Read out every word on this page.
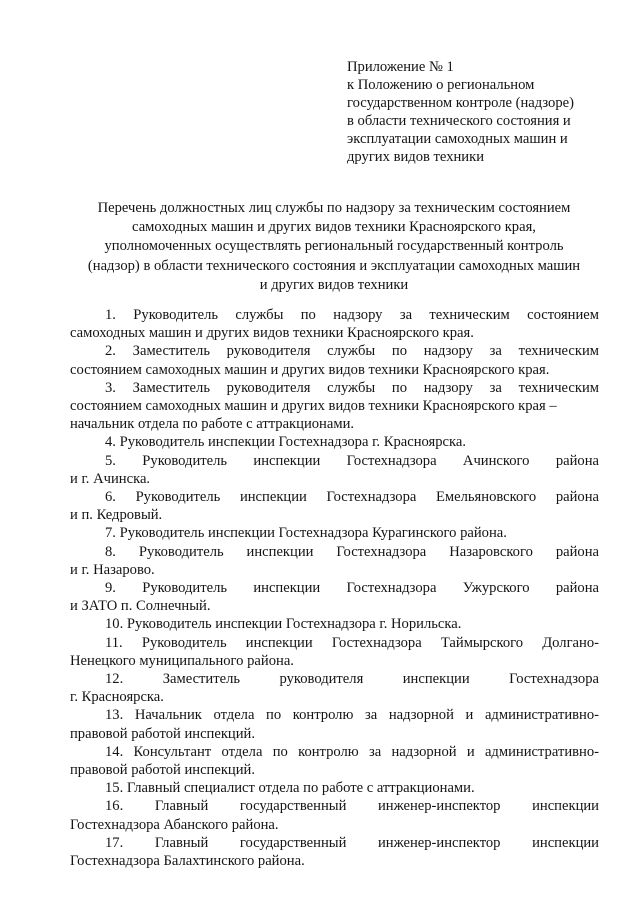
Приложение № 1
к Положению о региональном
государственном контроле (надзоре)
в области технического состояния и
эксплуатации самоходных машин и
других видов техники
Перечень должностных лиц службы по надзору за техническим состоянием
самоходных машин и других видов техники Красноярского края,
уполномоченных осуществлять региональный государственный контроль
(надзор) в области технического состояния и эксплуатации самоходных машин
и других видов техники

1. Руководитель службы по надзору за техническим состоянием

самоходных машин и других видов техники Красноярского края.

2. Заместитель руководителя службы по надзору за техническим

состоянием самоходных машин и других видов техники Красноярского края.

3. Заместитель руководителя службы по надзору за техническим

состоянием самоходных машин и других видов техники Красноярского края –

начальник отдела по работе с аттракционами.

4. Руководитель инспекции Гостехнадзора г. Красноярска.

5. Руководитель инспекции Гостехнадзора Ачинского района

и г. Ачинска.

6. Руководитель инспекции Гостехнадзора Емельяновского района

и п. Кедровый.

7. Руководитель инспекции Гостехнадзора Курагинского района.

8. Руководитель инспекции Гостехнадзора Назаровского района

и г. Назарово.

9. Руководитель инспекции Гостехнадзора Ужурского района

и ЗАТО п. Солнечный.

10. Руководитель инспекции Гостехнадзора г. Норильска.

11. Руководитель инспекции Гостехнадзора Таймырского Долгано-

Ненецкого муниципального района.

12. Заместитель руководителя инспекции Гостехнадзора

г. Красноярска.

13. Начальник отдела по контролю за надзорной и административно-

правовой работой инспекций.

14. Консультант отдела по контролю за надзорной и административно-

правовой работой инспекций.

15. Главный специалист отдела по работе с аттракционами.

16. Главный государственный инженер-инспектор инспекции

Гостехнадзора Абанского района.

17. Главный государственный инженер-инспектор инспекции

Гостехнадзора Балахтинского района.
